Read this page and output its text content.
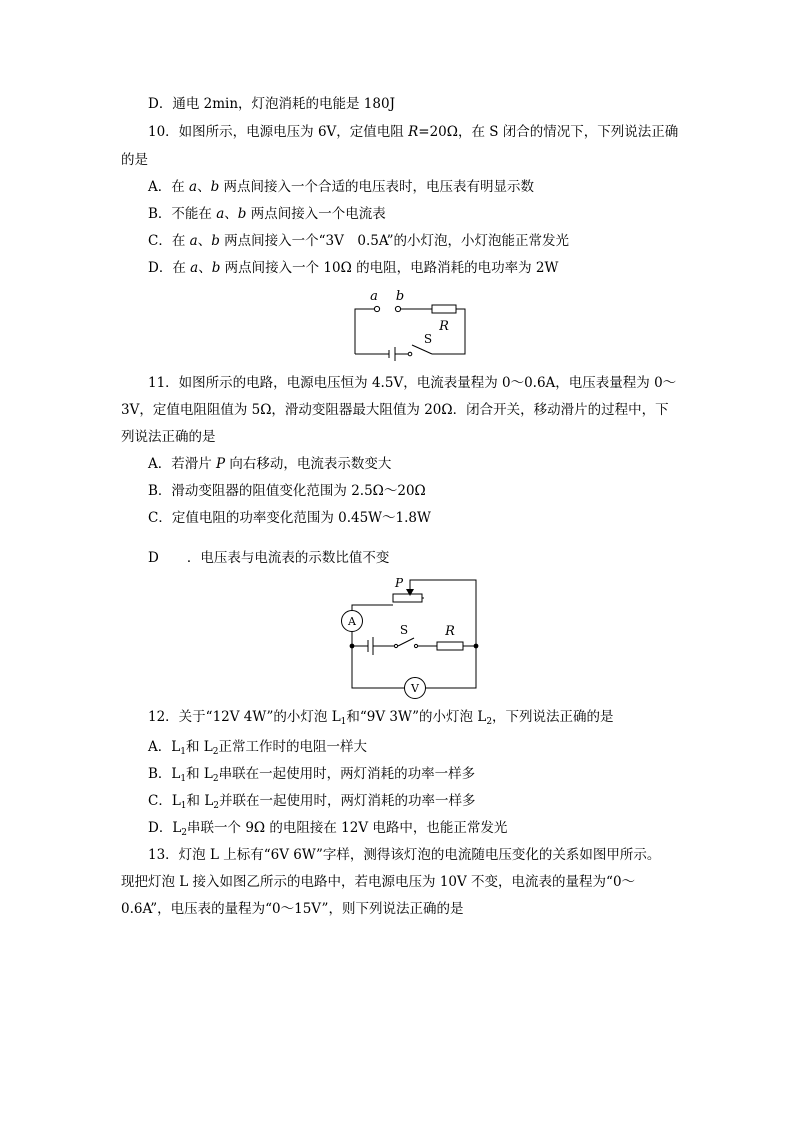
D．通电 2min，灯泡消耗的电能是 180J
10．如图所示，电源电压为 6V，定值电阻 R=20Ω，在 S 闭合的情况下，下列说法正确
的是
A．在 a、b 两点间接入一个合适的电压表时，电压表有明显示数
B．不能在 a、b 两点间接入一个电流表
C．在 a、b 两点间接入一个“3V　0.5A”的小灯泡，小灯泡能正常发光
D．在 a、b 两点间接入一个 10Ω 的电阻，电路消耗的电功率为 2W
a b
R
S
11．如图所示的电路，电源电压恒为 4.5V，电流表量程为 0～0.6A，电压表量程为 0～
3V，定值电阻阻值为 5Ω，滑动变阻器最大阻值为 20Ω．闭合开关，移动滑片的过程中，下
列说法正确的是
A．若滑片 P 向右移动，电流表示数变大
B．滑动变阻器的阻值变化范围为 2.5Ω～20Ω
C．定值电阻的功率变化范围为 0.45W～1.8W
D ．电压表与电流表的示数比值不变
P
A
S	R
V
12．关于“12V 4W”的小灯泡 $L_1$和“9V 3W”的小灯泡 $L_2$，下列说法正确的是
A．$L_1$和 $L_2$正常工作时的电阻一样大
B．$L_1$和 $L_2$串联在一起使用时，两灯消耗的功率一样多
C．$L_1$和 $L_2$并联在一起使用时，两灯消耗的功率一样多
D．$L_2$串联一个 9Ω 的电阻接在 12V 电路中，也能正常发光
13．灯泡 L 上标有“6V 6W”字样，测得该灯泡的电流随电压变化的关系如图甲所示。
现把灯泡 L 接入如图乙所示的电路中，若电源电压为 10V 不变，电流表的量程为“0～
0.6A”，电压表的量程为“0～15V”，则下列说法正确的是
